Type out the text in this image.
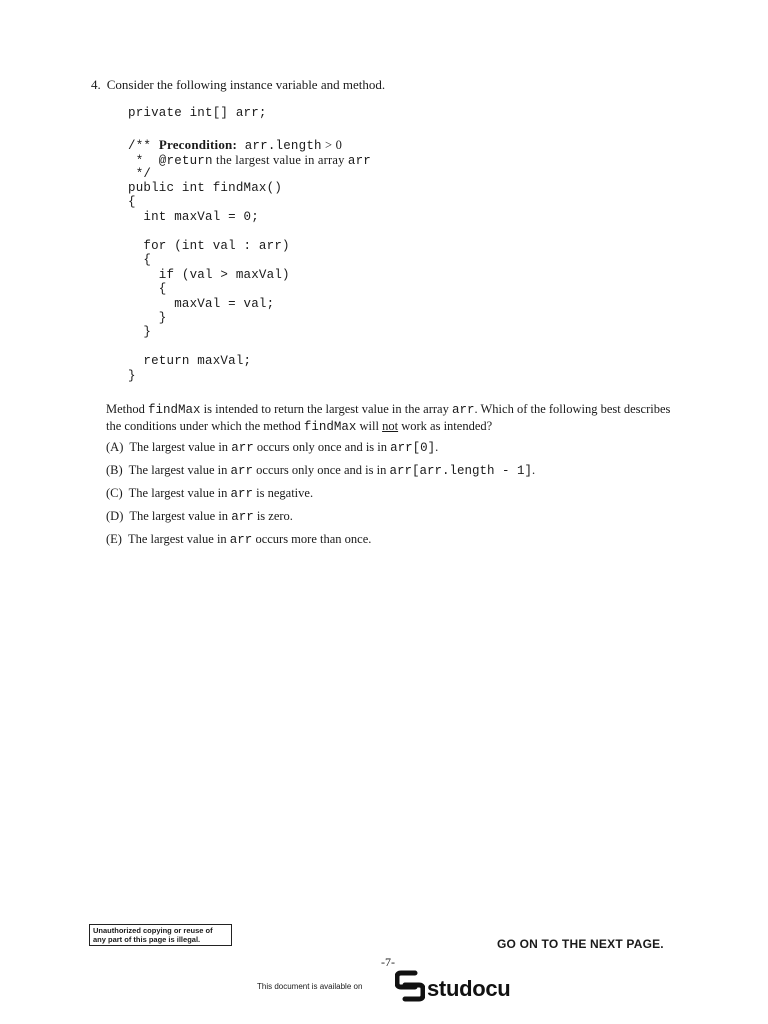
4. Consider the following instance variable and method.
private int[] arr;
/** Precondition: arr.length > 0
*  @return the largest value in array arr
*/
public int findMax()
{
int maxVal = 0;
for (int val : arr)
{
if (val > maxVal)
{
maxVal = val;
}
}
return maxVal;
}
Method findMax is intended to return the largest value in the array arr. Which of the following best describes the conditions under which the method findMax will not work as intended?
(A) The largest value in arr occurs only once and is in arr[0].
(B) The largest value in arr occurs only once and is in arr[arr.length - 1].
(C) The largest value in arr is negative.
(D) The largest value in arr is zero.
(E) The largest value in arr occurs more than once.
Unauthorized copying or reuse of
any part of this page is illegal.	GO ON TO THE NEXT PAGE.
-7-
This document is available on	studocu
